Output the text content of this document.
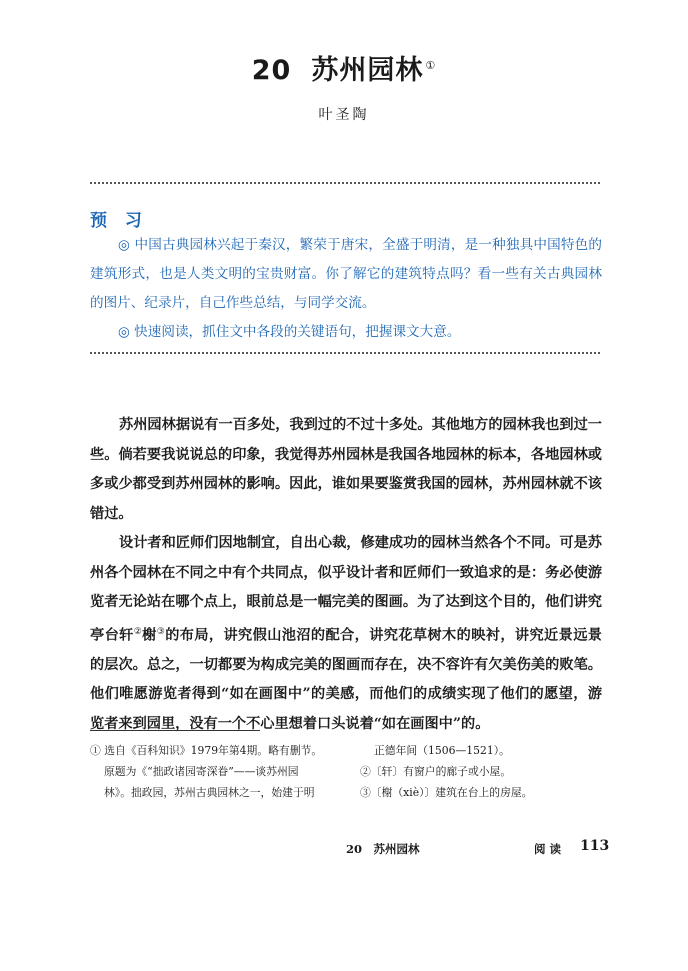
20 苏州园林 ①
叶圣陶
预 习

◎ 中国古典园林兴起于秦汉，繁荣于唐宋，全盛于明清，是一种独具中国特色的建筑形式，也是人类文明的宝贵财富。你了解它的建筑特点吗？看一些有关古典园林的图片、纪录片，自己作些总结，与同学交流。

◎ 快速阅读，抓住文中各段的关键语句，把握课文大意。

苏州园林据说有一百多处，我到过的不过十多处。其他地方的园林我也到过一些。倘若要我说说总的印象，我觉得苏州园林是我国各地园林的标本，各地园林或多或少都受到苏州园林的影响。因此，谁如果要鉴赏我国的园林，苏州园林就不该错过。

设计者和匠师们因地制宜，自出心裁，修建成功的园林当然各个不同。可是苏州各个园林在不同之中有个共同点，似乎设计者和匠师们一致追求的是：务必使游览者无论站在哪个点上，眼前总是一幅完美的图画。为了达到这个目的，他们讲究亭台轩②榭③的布局，讲究假山池沼的配合，讲究花草树木的映衬，讲究近景远景的层次。总之，一切都要为构成完美的图画而存在，决不容许有欠美伤美的败笔。他们唯愿游览者得到“如在画图中”的美感，而他们的成绩实现了他们的愿望，游览者来到园里，没有一个不心里想着口头说着“如在画图中”的。

① 选自《百科知识》1979年第4期。略有删节。
原题为《“拙政诸园寄深眷”——谈苏州园
林》。拙政园，苏州古典园林之一，始建于明
正德年间（1506—1521）。
②〔轩〕有窗户的廊子或小屋。
③〔榭（xiè）〕建筑在台上的房屋。
20　苏州园林	阅读 113
